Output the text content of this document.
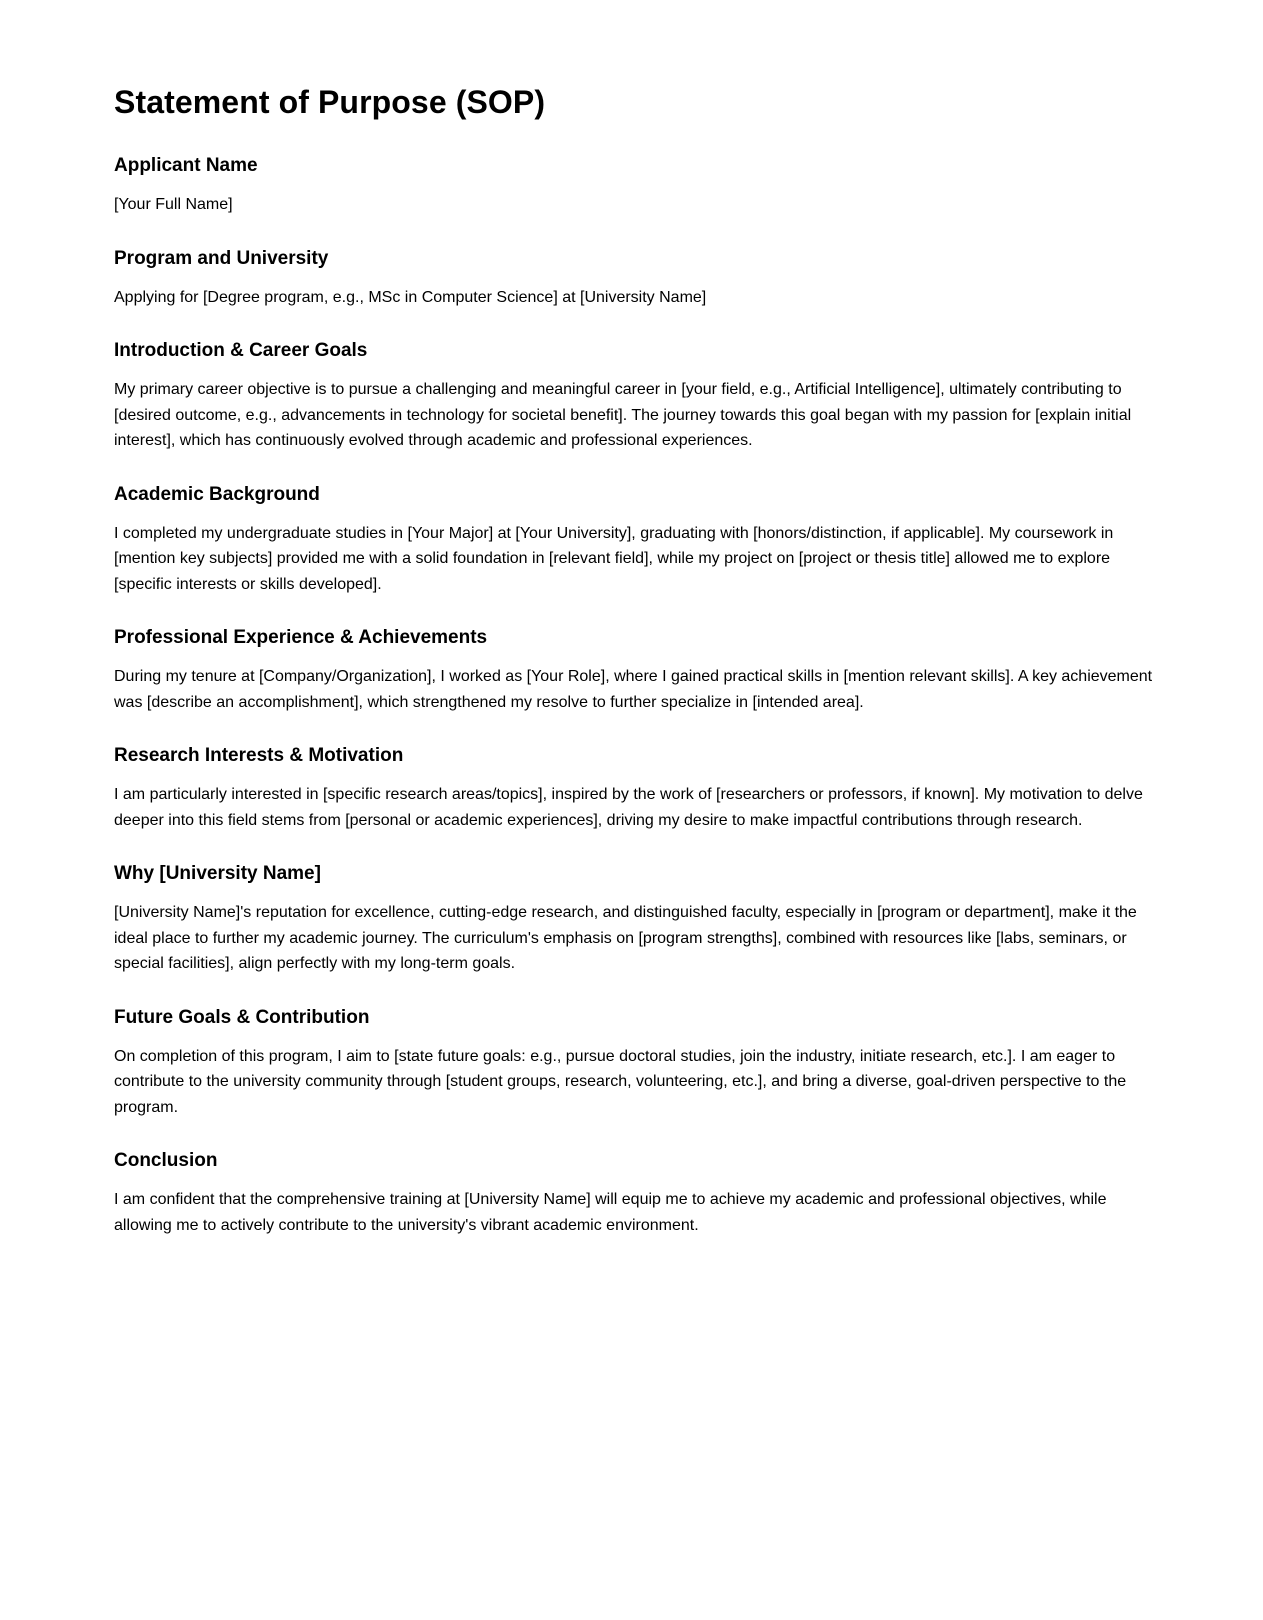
Statement of Purpose (SOP)
Applicant Name

[Your Full Name]

Program and University

Applying for [Degree program, e.g., MSc in Computer Science] at [University Name]

Introduction & Career Goals

My primary career objective is to pursue a challenging and meaningful career in [your field, e.g., Artificial Intelligence], ultimately contributing to [desired outcome, e.g., advancements in technology for societal benefit]. The journey towards this goal began with my passion for [explain initial interest], which has continuously evolved through academic and professional experiences.

Academic Background

I completed my undergraduate studies in [Your Major] at [Your University], graduating with [honors/distinction, if applicable]. My coursework in [mention key subjects] provided me with a solid foundation in [relevant field], while my project on [project or thesis title] allowed me to explore [specific interests or skills developed].

Professional Experience & Achievements

During my tenure at [Company/Organization], I worked as [Your Role], where I gained practical skills in [mention relevant skills]. A key achievement was [describe an accomplishment], which strengthened my resolve to further specialize in [intended area].

Research Interests & Motivation

I am particularly interested in [specific research areas/topics], inspired by the work of [researchers or professors, if known]. My motivation to delve deeper into this field stems from [personal or academic experiences], driving my desire to make impactful contributions through research.

Why [University Name]

[University Name]'s reputation for excellence, cutting-edge research, and distinguished faculty, especially in [program or department], make it the ideal place to further my academic journey. The curriculum's emphasis on [program strengths], combined with resources like [labs, seminars, or special facilities], align perfectly with my long-term goals.

Future Goals & Contribution

On completion of this program, I aim to [state future goals: e.g., pursue doctoral studies, join the industry, initiate research, etc.]. I am eager to contribute to the university community through [student groups, research, volunteering, etc.], and bring a diverse, goal-driven perspective to the program.

Conclusion

I am confident that the comprehensive training at [University Name] will equip me to achieve my academic and professional objectives, while allowing me to actively contribute to the university's vibrant academic environment.
